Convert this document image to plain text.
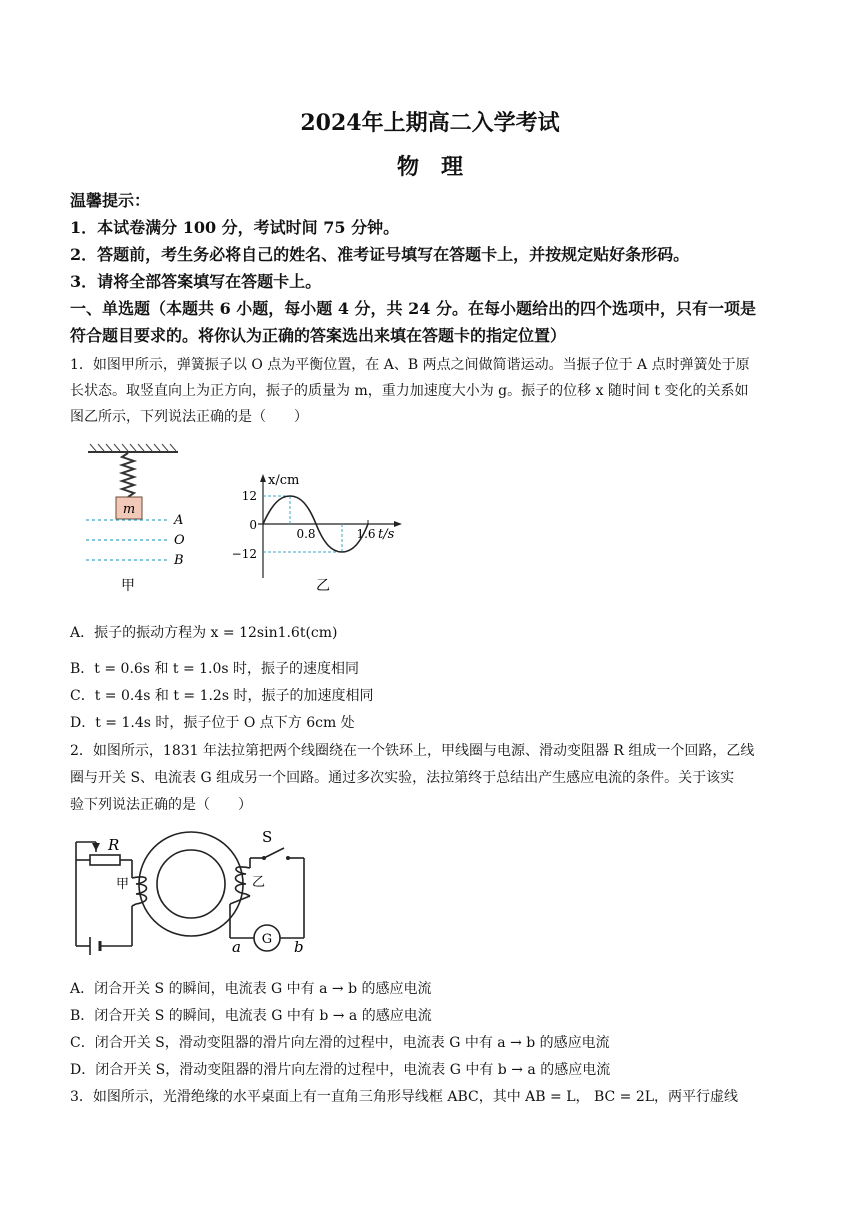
2024年上期高二入学考试
物　理
温馨提示：
1．本试卷满分 100 分，考试时间 75 分钟。
2．答题前，考生务必将自己的姓名、准考证号填写在答题卡上，并按规定贴好条形码。
3．请将全部答案填写在答题卡上。
一、单选题（本题共 6 小题，每小题 4 分，共 24 分。在每小题给出的四个选项中，只有一项是
符合题目要求的。将你认为正确的答案选出来填在答题卡的指定位置）
1．如图甲所示，弹簧振子以 O 点为平衡位置，在 A、B 两点之间做简谐运动。当振子位于 A 点时弹簧处于原
长状态。取竖直向上为正方向，振子的质量为 m，重力加速度大小为 g。振子的位移 x 随时间 t 变化的关系如
图乙所示，下列说法正确的是（　　）
m
A
O
B
甲
x/cm
t/s
12
0
0.8	1.6
−12
乙
A．振子的振动方程为 x = 12sin1.6t(cm)
B．t = 0.6s 和 t = 1.0s 时，振子的速度相同
C．t = 0.4s 和 t = 1.2s 时，振子的加速度相同
D．t = 1.4s 时，振子位于 O 点下方 6cm 处
2．如图所示，1831 年法拉第把两个线圈绕在一个铁环上，甲线圈与电源、滑动变阻器 R 组成一个回路，乙线
圈与开关 S、电流表 G 组成另一个回路。通过多次实验，法拉第终于总结出产生感应电流的条件。关于该实
验下列说法正确的是（　　）
R	S
甲	乙
G
a	b
A．闭合开关 S 的瞬间，电流表 G 中有 a → b 的感应电流
B．闭合开关 S 的瞬间，电流表 G 中有 b → a 的感应电流
C．闭合开关 S，滑动变阻器的滑片向左滑的过程中，电流表 G 中有 a → b 的感应电流
D．闭合开关 S，滑动变阻器的滑片向左滑的过程中，电流表 G 中有 b → a 的感应电流
3．如图所示，光滑绝缘的水平桌面上有一直角三角形导线框 ABC，其中 AB = L， BC = 2L，两平行虚线
